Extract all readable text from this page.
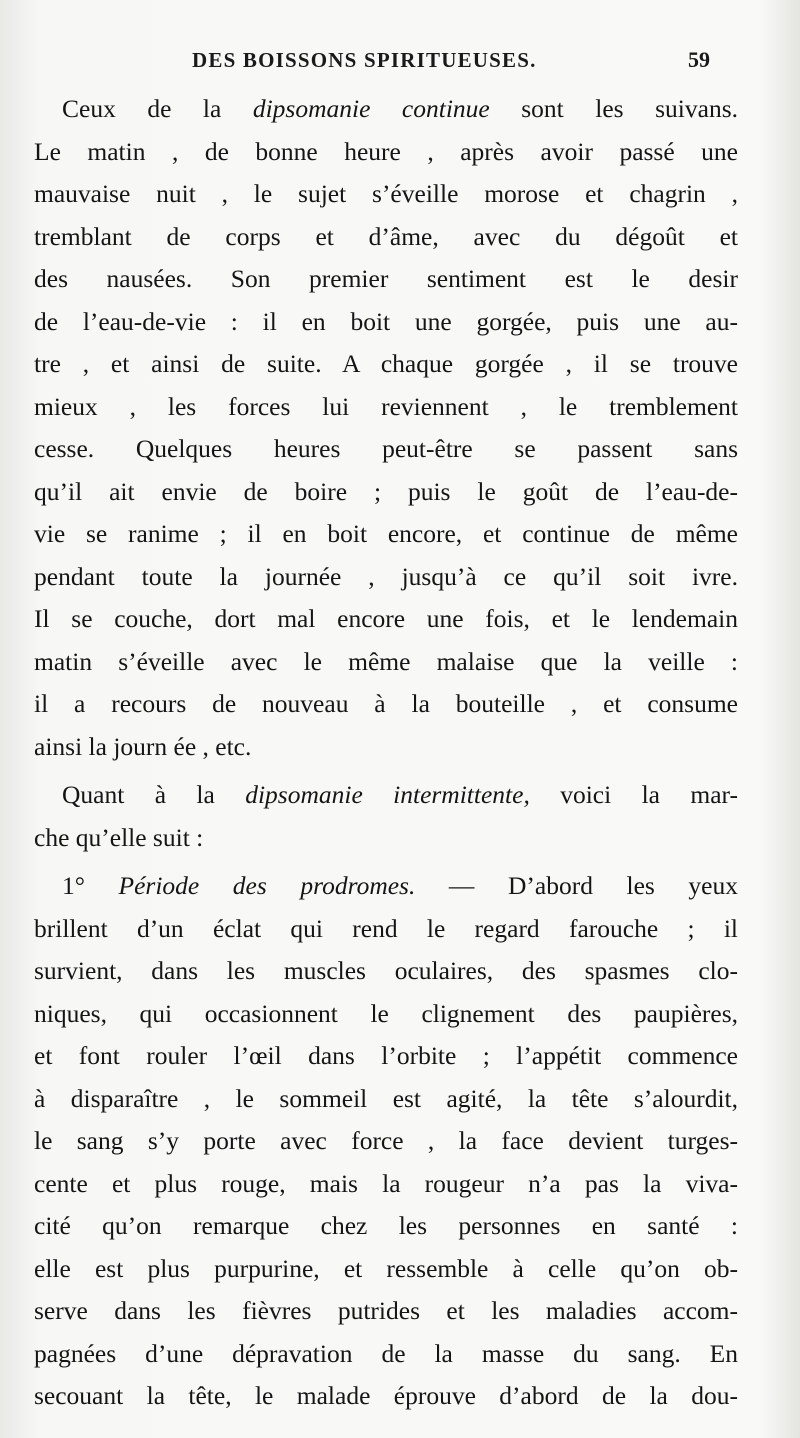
DES BOISSONS SPIRITUEUSES.	59
Ceux de la dipsomanie continue sont les suivans.
Le matin , de bonne heure , après avoir passé une
mauvaise nuit , le sujet s’éveille morose et chagrin ,
tremblant de corps et d’âme, avec du dégoût et
des nausées. Son premier sentiment est le desir
de l’eau-de-vie : il en boit une gorgée, puis une au-
tre , et ainsi de suite. A chaque gorgée , il se trouve
mieux , les forces lui reviennent , le tremblement
cesse. Quelques heures peut-être se passent sans
qu’il ait envie de boire ; puis le goût de l’eau-de-
vie se ranime ; il en boit encore, et continue de même
pendant toute la journée , jusqu’à ce qu’il soit ivre.
Il se couche, dort mal encore une fois, et le lendemain
matin s’éveille avec le même malaise que la veille :
il a recours de nouveau à la bouteille , et consume
ainsi la journ ée , etc.
Quant à la dipsomanie intermittente, voici la mar-
che qu’elle suit :
1° Période des prodromes. — D’abord les yeux
brillent d’un éclat qui rend le regard farouche ; il
survient, dans les muscles oculaires, des spasmes clo-
niques, qui occasionnent le clignement des paupières,
et font rouler l’œil dans l’orbite ; l’appétit commence
à disparaître , le sommeil est agité, la tête s’alourdit,
le sang s’y porte avec force , la face devient turges-
cente et plus rouge, mais la rougeur n’a pas la viva-
cité qu’on remarque chez les personnes en santé :
elle est plus purpurine, et ressemble à celle qu’on ob-
serve dans les fièvres putrides et les maladies accom-
pagnées d’une dépravation de la masse du sang. En
secouant la tête, le malade éprouve d’abord de la dou-
